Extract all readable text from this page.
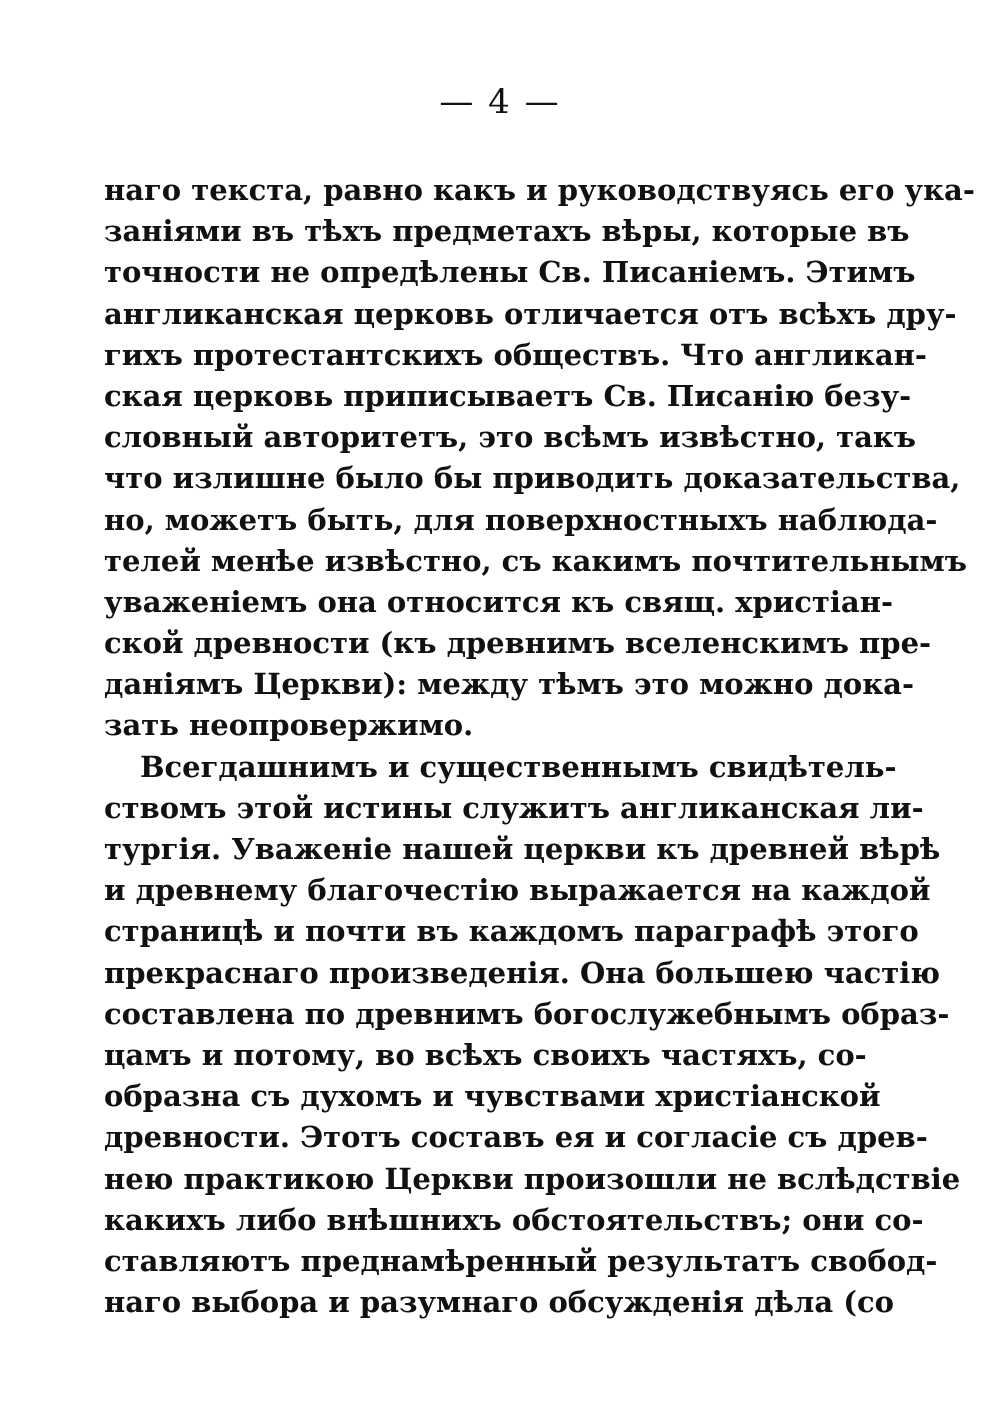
— 4 —
наго текста, равно какъ и руководствуясь его ука-
занiями въ тѣхъ предметахъ вѣры, которые въ
точности не опредѣлены Св. Писанiемъ. Этимъ
англиканская церковь отличается отъ всѣхъ дру-
гихъ протестантскихъ обществъ. Что англикан-
ская церковь приписываетъ Св. Писанiю безу-
словный авторитетъ, это всѣмъ извѣстно, такъ
что излишне было бы приводить доказательства,
но, можетъ быть, для поверхностныхъ наблюда-
телей менѣе извѣстно, съ какимъ почтительнымъ
уваженiемъ она относится къ свящ. христiан-
ской древности (къ древнимъ вселенскимъ пре-
данiямъ Церкви): между тѣмъ это можно дока-
зать неопровержимо.
Всегдашнимъ и существеннымъ свидѣтель-
ствомъ этой истины служитъ англиканская ли-
тургiя. Уваженiе нашей церкви къ древней вѣрѣ
и древнему благочестiю выражается на каждой
страницѣ и почти въ каждомъ параграфѣ этого
прекраснаго произведенiя. Она большею частiю
составлена по древнимъ богослужебнымъ образ-
цамъ и потому, во всѣхъ своихъ частяхъ, со-
образна съ духомъ и чувствами христiанской
древности. Этотъ составъ ея и согласiе съ древ-
нею практикою Церкви произошли не вслѣдствiе
какихъ либо внѣшнихъ обстоятельствъ; они со-
ставляютъ преднамѣренный результатъ свобод-
наго выбора и разумнаго обсужденiя дѣла (со
